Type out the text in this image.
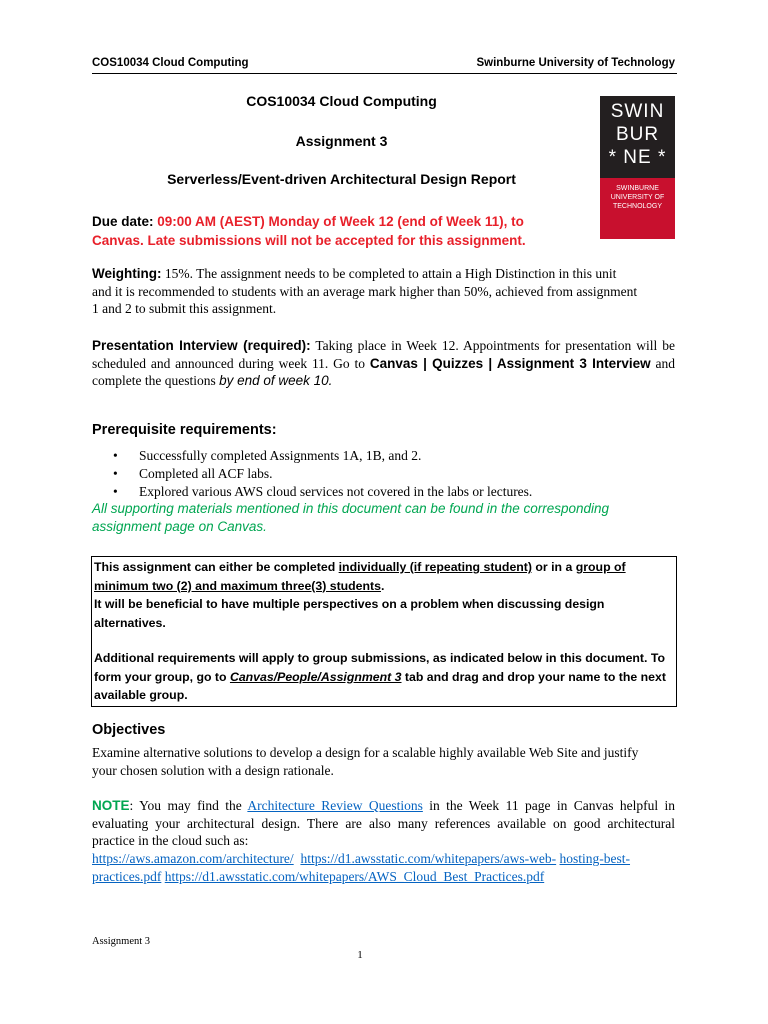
COS10034 Cloud Computing	Swinburne University of Technology
COS10034 Cloud Computing
Assignment 3
Serverless/Event-driven Architectural Design Report
SWIN
BUR
* NE *
SWINBURNE
UNIVERSITY OF
TECHNOLOGY
Due date: 09:00 AM (AEST) Monday of Week 12 (end of Week 11), to Canvas. Late submissions will not be accepted for this assignment.
Weighting: 15%. The assignment needs to be completed to attain a High Distinction in this unit
and it is recommended to students with an average mark higher than 50%, achieved from assignment
1 and 2 to submit this assignment.
Presentation Interview (required): Taking place in Week 12. Appointments for presentation will be scheduled and announced during week 11. Go to Canvas | Quizzes | Assignment 3 Interview and complete the questions by end of week 10.
Prerequisite requirements:
• Successfully completed Assignments 1A, 1B, and 2.
• Completed all ACF labs.
• Explored various AWS cloud services not covered in the labs or lectures.
All supporting materials mentioned in this document can be found in the corresponding assignment page on Canvas.

This assignment can either be completed individually (if repeating student) or in a group of minimum two (2) and maximum three(3) students.

It will be beneficial to have multiple perspectives on a problem when discussing design alternatives.

Additional requirements will apply to group submissions, as indicated below in this document. To form your group, go to Canvas/People/Assignment 3 tab and drag and drop your name to the next available group.

Objectives
Examine alternative solutions to develop a design for a scalable highly available Web Site and justify
your chosen solution with a design rationale.
NOTE: You may find the Architecture Review Questions in the Week 11 page in Canvas helpful in evaluating your architectural design. There are also many references available on good architectural practice in the cloud such as:
https://aws.amazon.com/architecture/ https://d1.awsstatic.com/whitepapers/aws-web- hosting-best-practices.pdf https://d1.awsstatic.com/whitepapers/AWS_Cloud_Best_Practices.pdf
Assignment 3
1
